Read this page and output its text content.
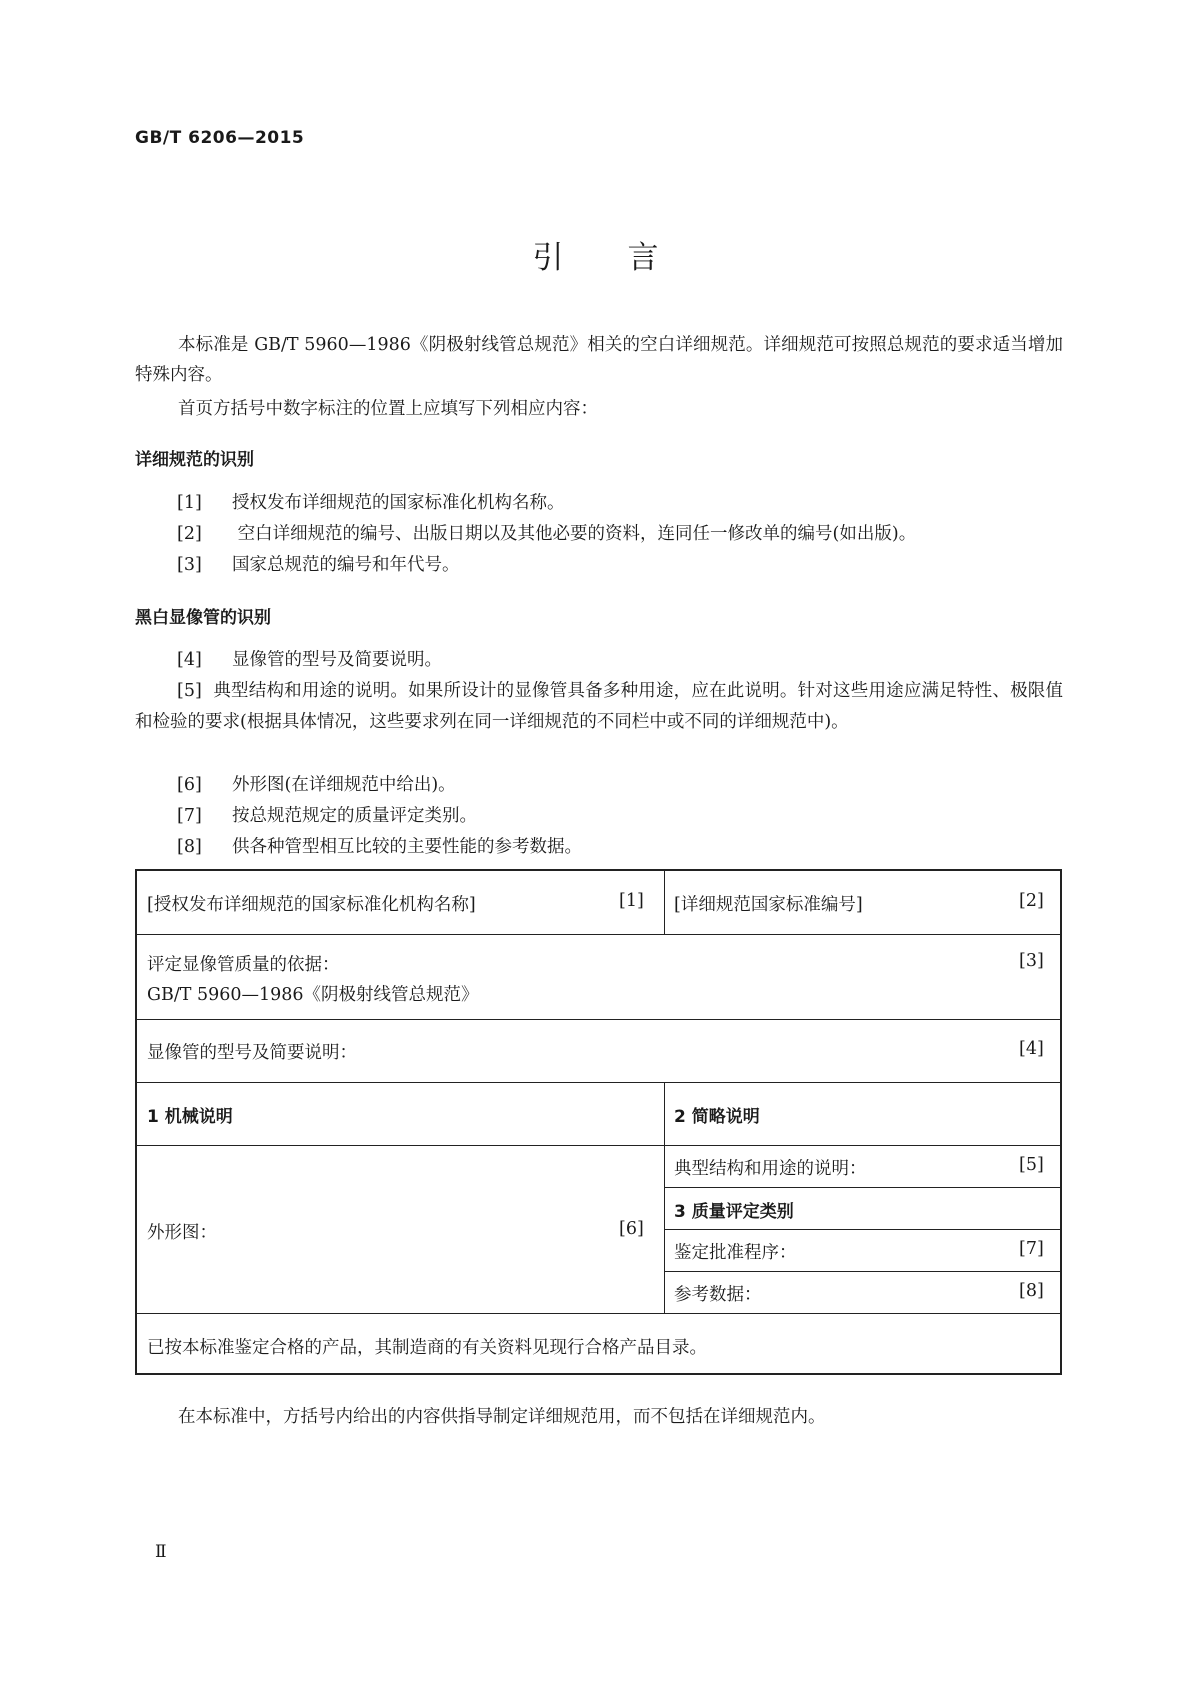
GB/T 6206—2015
引言
本标准是 GB/T 5960—1986《阴极射线管总规范》相关的空白详细规范。详细规范可按照总规范的要求适当增加特殊内容。
首页方括号中数字标注的位置上应填写下列相应内容：
详细规范的识别
[1] 授权发布详细规范的国家标准化机构名称。
[2] 空白详细规范的编号、出版日期以及其他必要的资料，连同任一修改单的编号(如出版)。
[3] 国家总规范的编号和年代号。
黑白显像管的识别
[4] 显像管的型号及简要说明。
[5] 典型结构和用途的说明。如果所设计的显像管具备多种用途，应在此说明。针对这些用途应满足特性、极限值和检验的要求(根据具体情况，这些要求列在同一详细规范的不同栏中或不同的详细规范中)。
[6] 外形图(在详细规范中给出)。
[7] 按总规范规定的质量评定类别。
[8] 供各种管型相互比较的主要性能的参考数据。
[授权发布详细规范的国家标准化机构名称]	[1] [详细规范国家标准编号]	[2]
评定显像管质量的依据：
GB/T 5960—1986《阴极射线管总规范》
[3]
显像管的型号及简要说明：	[4]
1 机械说明	2 简略说明
外形图：	[6]
典型结构和用途的说明：	[5]
3 质量评定类别
鉴定批准程序：	[7]
参考数据：	[8]
已按本标准鉴定合格的产品，其制造商的有关资料见现行合格产品目录。
在本标准中，方括号内给出的内容供指导制定详细规范用，而不包括在详细规范内。
Ⅱ
